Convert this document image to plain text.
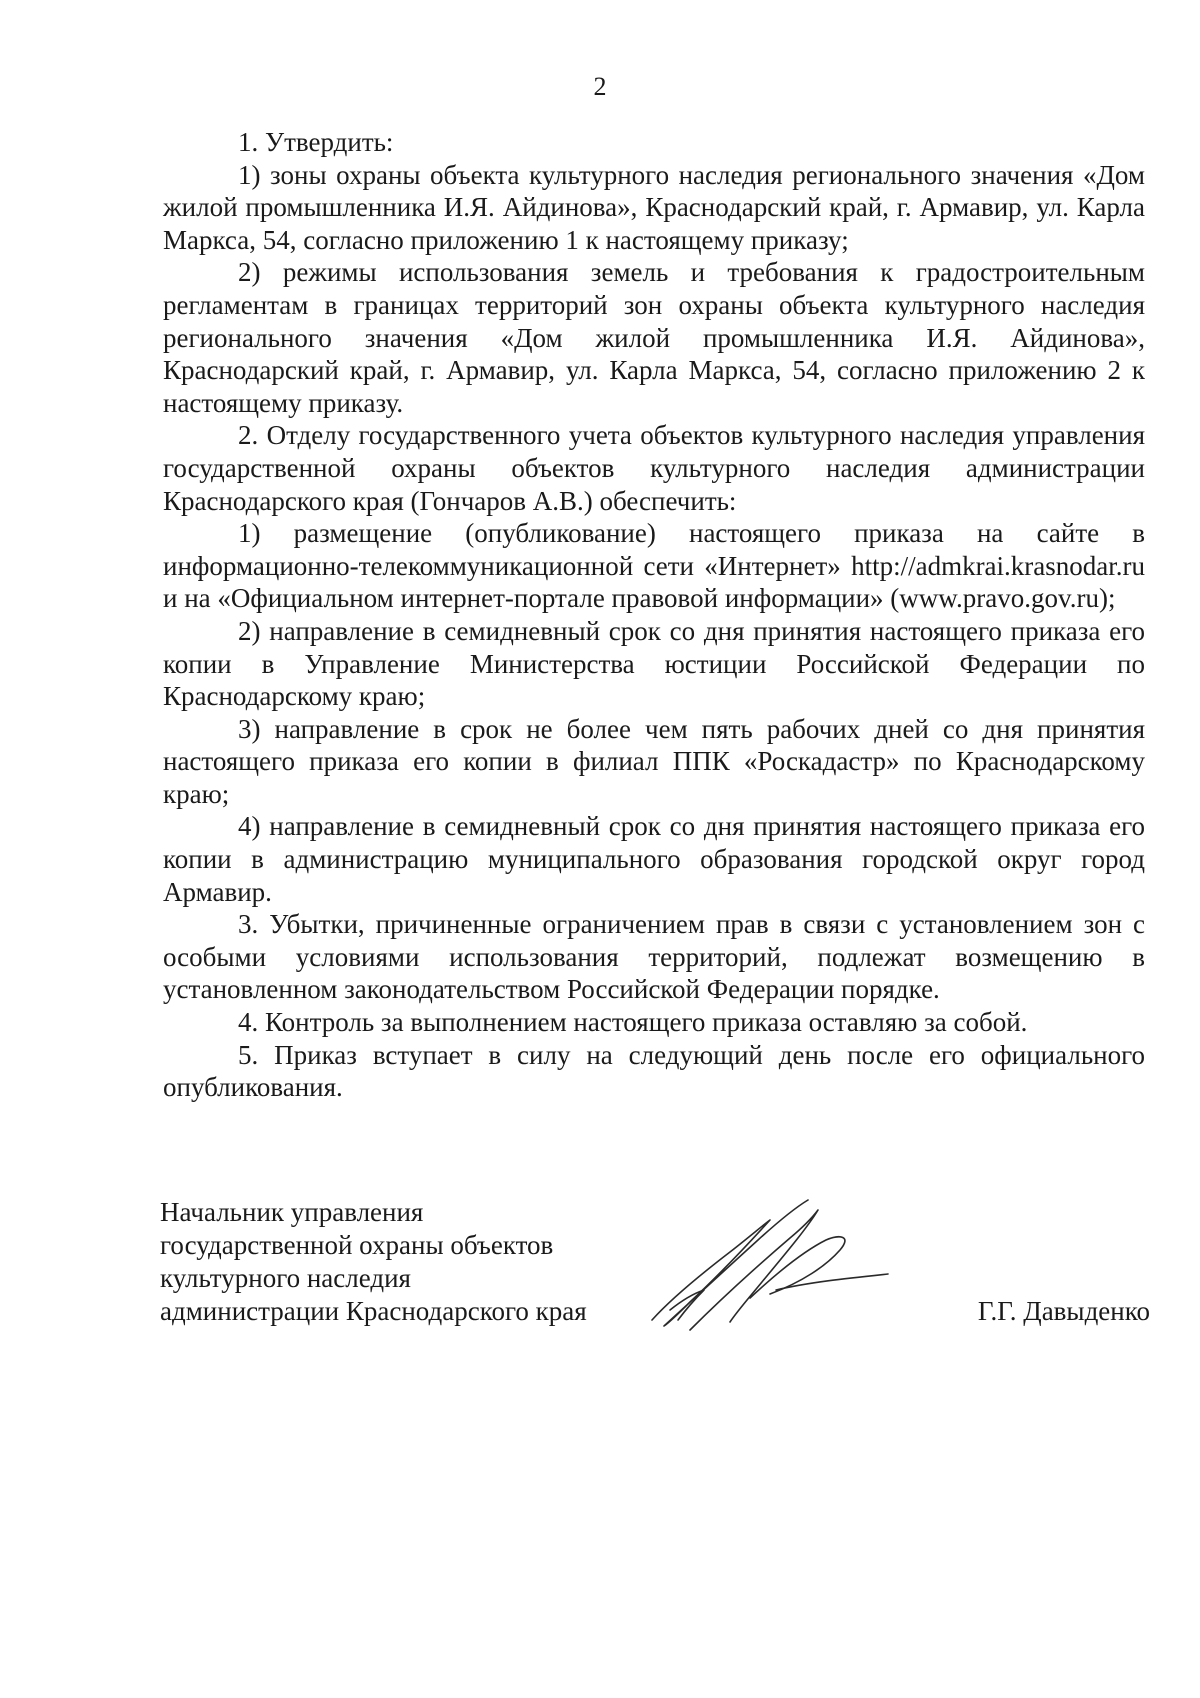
2

1. Утвердить:

1) зоны охраны объекта культурного наследия регионального значения «Дом жилой промышленника И.Я. Айдинова», Краснодарский край, г. Армавир, ул. Карла Маркса, 54, согласно приложению 1 к настоящему приказу;

2) режимы использования земель и требования к градостроительным регламентам в границах территорий зон охраны объекта культурного наследия регионального значения «Дом жилой промышленника И.Я. Айдинова», Краснодарский край, г. Армавир, ул. Карла Маркса, 54, согласно приложению 2 к настоящему приказу.

2. Отделу государственного учета объектов культурного наследия управления государственной охраны объектов культурного наследия администрации Краснодарского края (Гончаров А.В.) обеспечить:

1) размещение (опубликование) настоящего приказа на сайте в информационно-телекоммуникационной сети «Интернет» http://admkrai.krasnodar.ru и на «Официальном интернет-портале правовой информации» (www.pravo.gov.ru);

2) направление в семидневный срок со дня принятия настоящего приказа его копии в Управление Министерства юстиции Российской Федерации по Краснодарскому краю;

3) направление в срок не более чем пять рабочих дней со дня принятия настоящего приказа его копии в филиал ППК «Роскадастр» по Краснодарскому краю;

4) направление в семидневный срок со дня принятия настоящего приказа его копии в администрацию муниципального образования городской округ город Армавир.

3. Убытки, причиненные ограничением прав в связи с установлением зон с особыми условиями использования территорий, подлежат возмещению в установленном законодательством Российской Федерации порядке.

4. Контроль за выполнением настоящего приказа оставляю за собой.

5. Приказ вступает в силу на следующий день после его официального опубликования.

Начальник управления
государственной охраны объектов
культурного наследия
администрации Краснодарского края	Г.Г. Давыденко
